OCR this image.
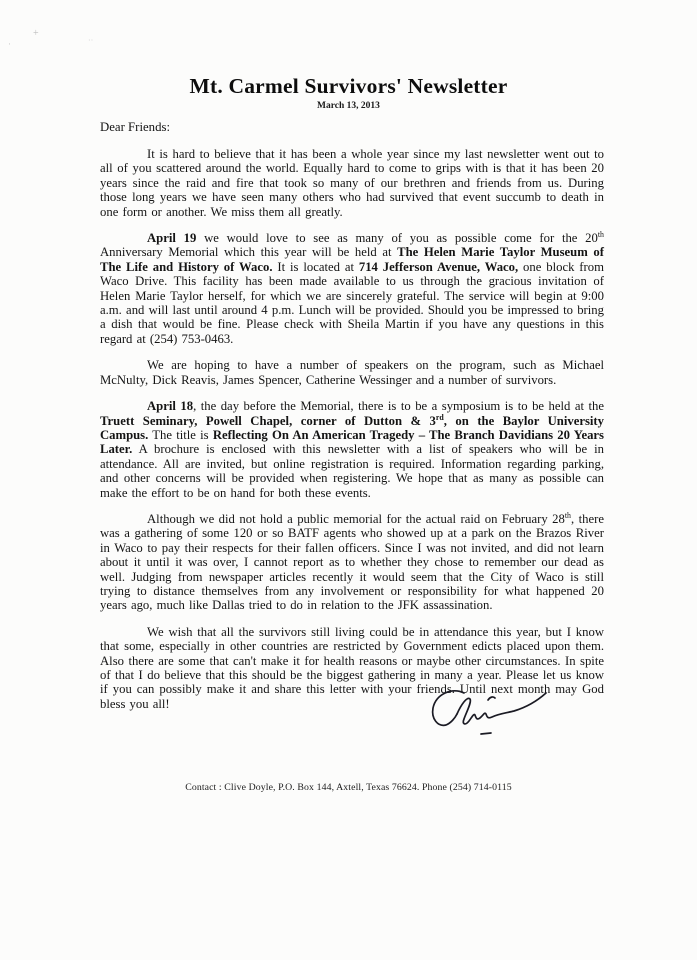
+
·	··
Mt. Carmel Survivors' Newsletter
March 13, 2013
Dear Friends:

It is hard to believe that it has been a whole year since my last newsletter went out to all of you scattered around the world. Equally hard to come to grips with is that it has been 20 years since the raid and fire that took so many of our brethren and friends from us. During those long years we have seen many others who had survived that event succumb to death in one form or another. We miss them all greatly.

April 19 we would love to see as many of you as possible come for the 20th Anniversary Memorial which this year will be held at The Helen Marie Taylor Museum of The Life and History of Waco. It is located at 714 Jefferson Avenue, Waco, one block from Waco Drive. This facility has been made available to us through the gracious invitation of Helen Marie Taylor herself, for which we are sincerely grateful. The service will begin at 9:00 a.m. and will last until around 4 p.m. Lunch will be provided. Should you be impressed to bring a dish that would be fine. Please check with Sheila Martin if you have any questions in this regard at (254) 753-0463.

We are hoping to have a number of speakers on the program, such as Michael McNulty, Dick Reavis, James Spencer, Catherine Wessinger and a number of survivors.

April 18, the day before the Memorial, there is to be a symposium is to be held at the Truett Seminary, Powell Chapel, corner of Dutton & 3rd, on the Baylor University Campus. The title is Reflecting On An American Tragedy – The Branch Davidians 20 Years Later. A brochure is enclosed with this newsletter with a list of speakers who will be in attendance. All are invited, but online registration is required. Information regarding parking, and other concerns will be provided when registering. We hope that as many as possible can make the effort to be on hand for both these events.

Although we did not hold a public memorial for the actual raid on February 28th, there was a gathering of some 120 or so BATF agents who showed up at a park on the Brazos River in Waco to pay their respects for their fallen officers. Since I was not invited, and did not learn about it until it was over, I cannot report as to whether they chose to remember our dead as well. Judging from newspaper articles recently it would seem that the City of Waco is still trying to distance themselves from any involvement or responsibility for what happened 20 years ago, much like Dallas tried to do in relation to the JFK assassination.

We wish that all the survivors still living could be in attendance this year, but I know that some, especially in other countries are restricted by Government edicts placed upon them. Also there are some that can't make it for health reasons or maybe other circumstances. In spite of that I do believe that this should be the biggest gathering in many a year. Please let us know if you can possibly make it and share this letter with your friends. Until next month may God bless you all!

Contact : Clive Doyle, P.O. Box 144, Axtell, Texas 76624. Phone (254) 714-0115
